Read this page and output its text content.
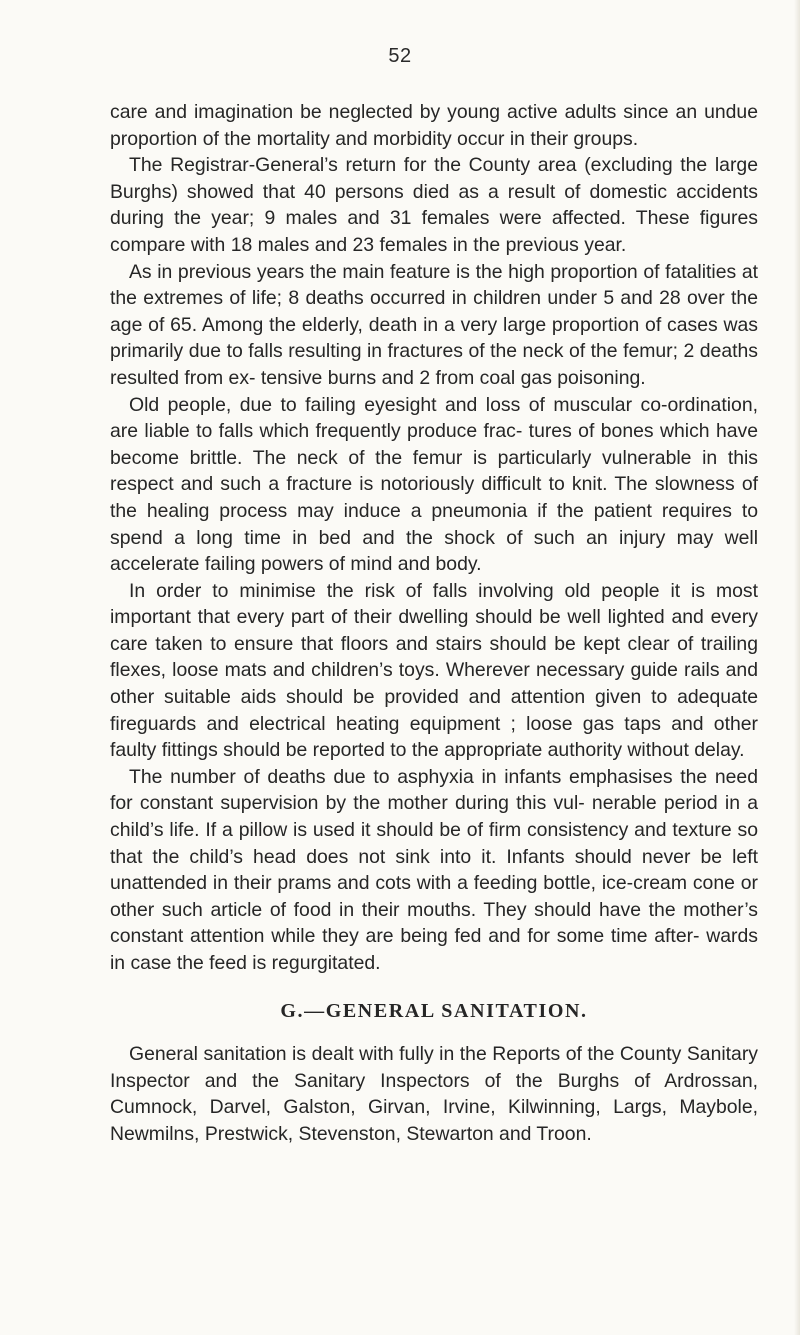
52

care and imagination be neglected by young active adults since an undue proportion of the mortality and morbidity occur in their groups.

The Registrar-General’s return for the County area (excluding the large Burghs) showed that 40 persons died as a result of domestic accidents during the year; 9 males and 31 females were affected. These figures compare with 18 males and 23 females in the previous year.

As in previous years the main feature is the high proportion of fatalities at the extremes of life; 8 deaths occurred in children under 5 and 28 over the age of 65. Among the elderly, death in a very large proportion of cases was primarily due to falls resulting in fractures of the neck of the femur; 2 deaths resulted from ex- tensive burns and 2 from coal gas poisoning.

Old people, due to failing eyesight and loss of muscular co-ordination, are liable to falls which frequently produce frac- tures of bones which have become brittle. The neck of the femur is particularly vulnerable in this respect and such a fracture is notoriously difficult to knit. The slowness of the healing process may induce a pneumonia if the patient requires to spend a long time in bed and the shock of such an injury may well accelerate failing powers of mind and body.

In order to minimise the risk of falls involving old people it is most important that every part of their dwelling should be well lighted and every care taken to ensure that floors and stairs should be kept clear of trailing flexes, loose mats and children’s toys. Wherever necessary guide rails and other suitable aids should be provided and attention given to adequate fireguards and electrical heating equipment ; loose gas taps and other faulty fittings should be reported to the appropriate authority without delay.

The number of deaths due to asphyxia in infants emphasises the need for constant supervision by the mother during this vul- nerable period in a child’s life. If a pillow is used it should be of firm consistency and texture so that the child’s head does not sink into it. Infants should never be left unattended in their prams and cots with a feeding bottle, ice-cream cone or other such article of food in their mouths. They should have the mother’s constant attention while they are being fed and for some time after- wards in case the feed is regurgitated.

G.—GENERAL SANITATION.

General sanitation is dealt with fully in the Reports of the County Sanitary Inspector and the Sanitary Inspectors of the Burghs of Ardrossan, Cumnock, Darvel, Galston, Girvan, Irvine, Kilwinning, Largs, Maybole, Newmilns, Prestwick, Stevenston, Stewarton and Troon.
